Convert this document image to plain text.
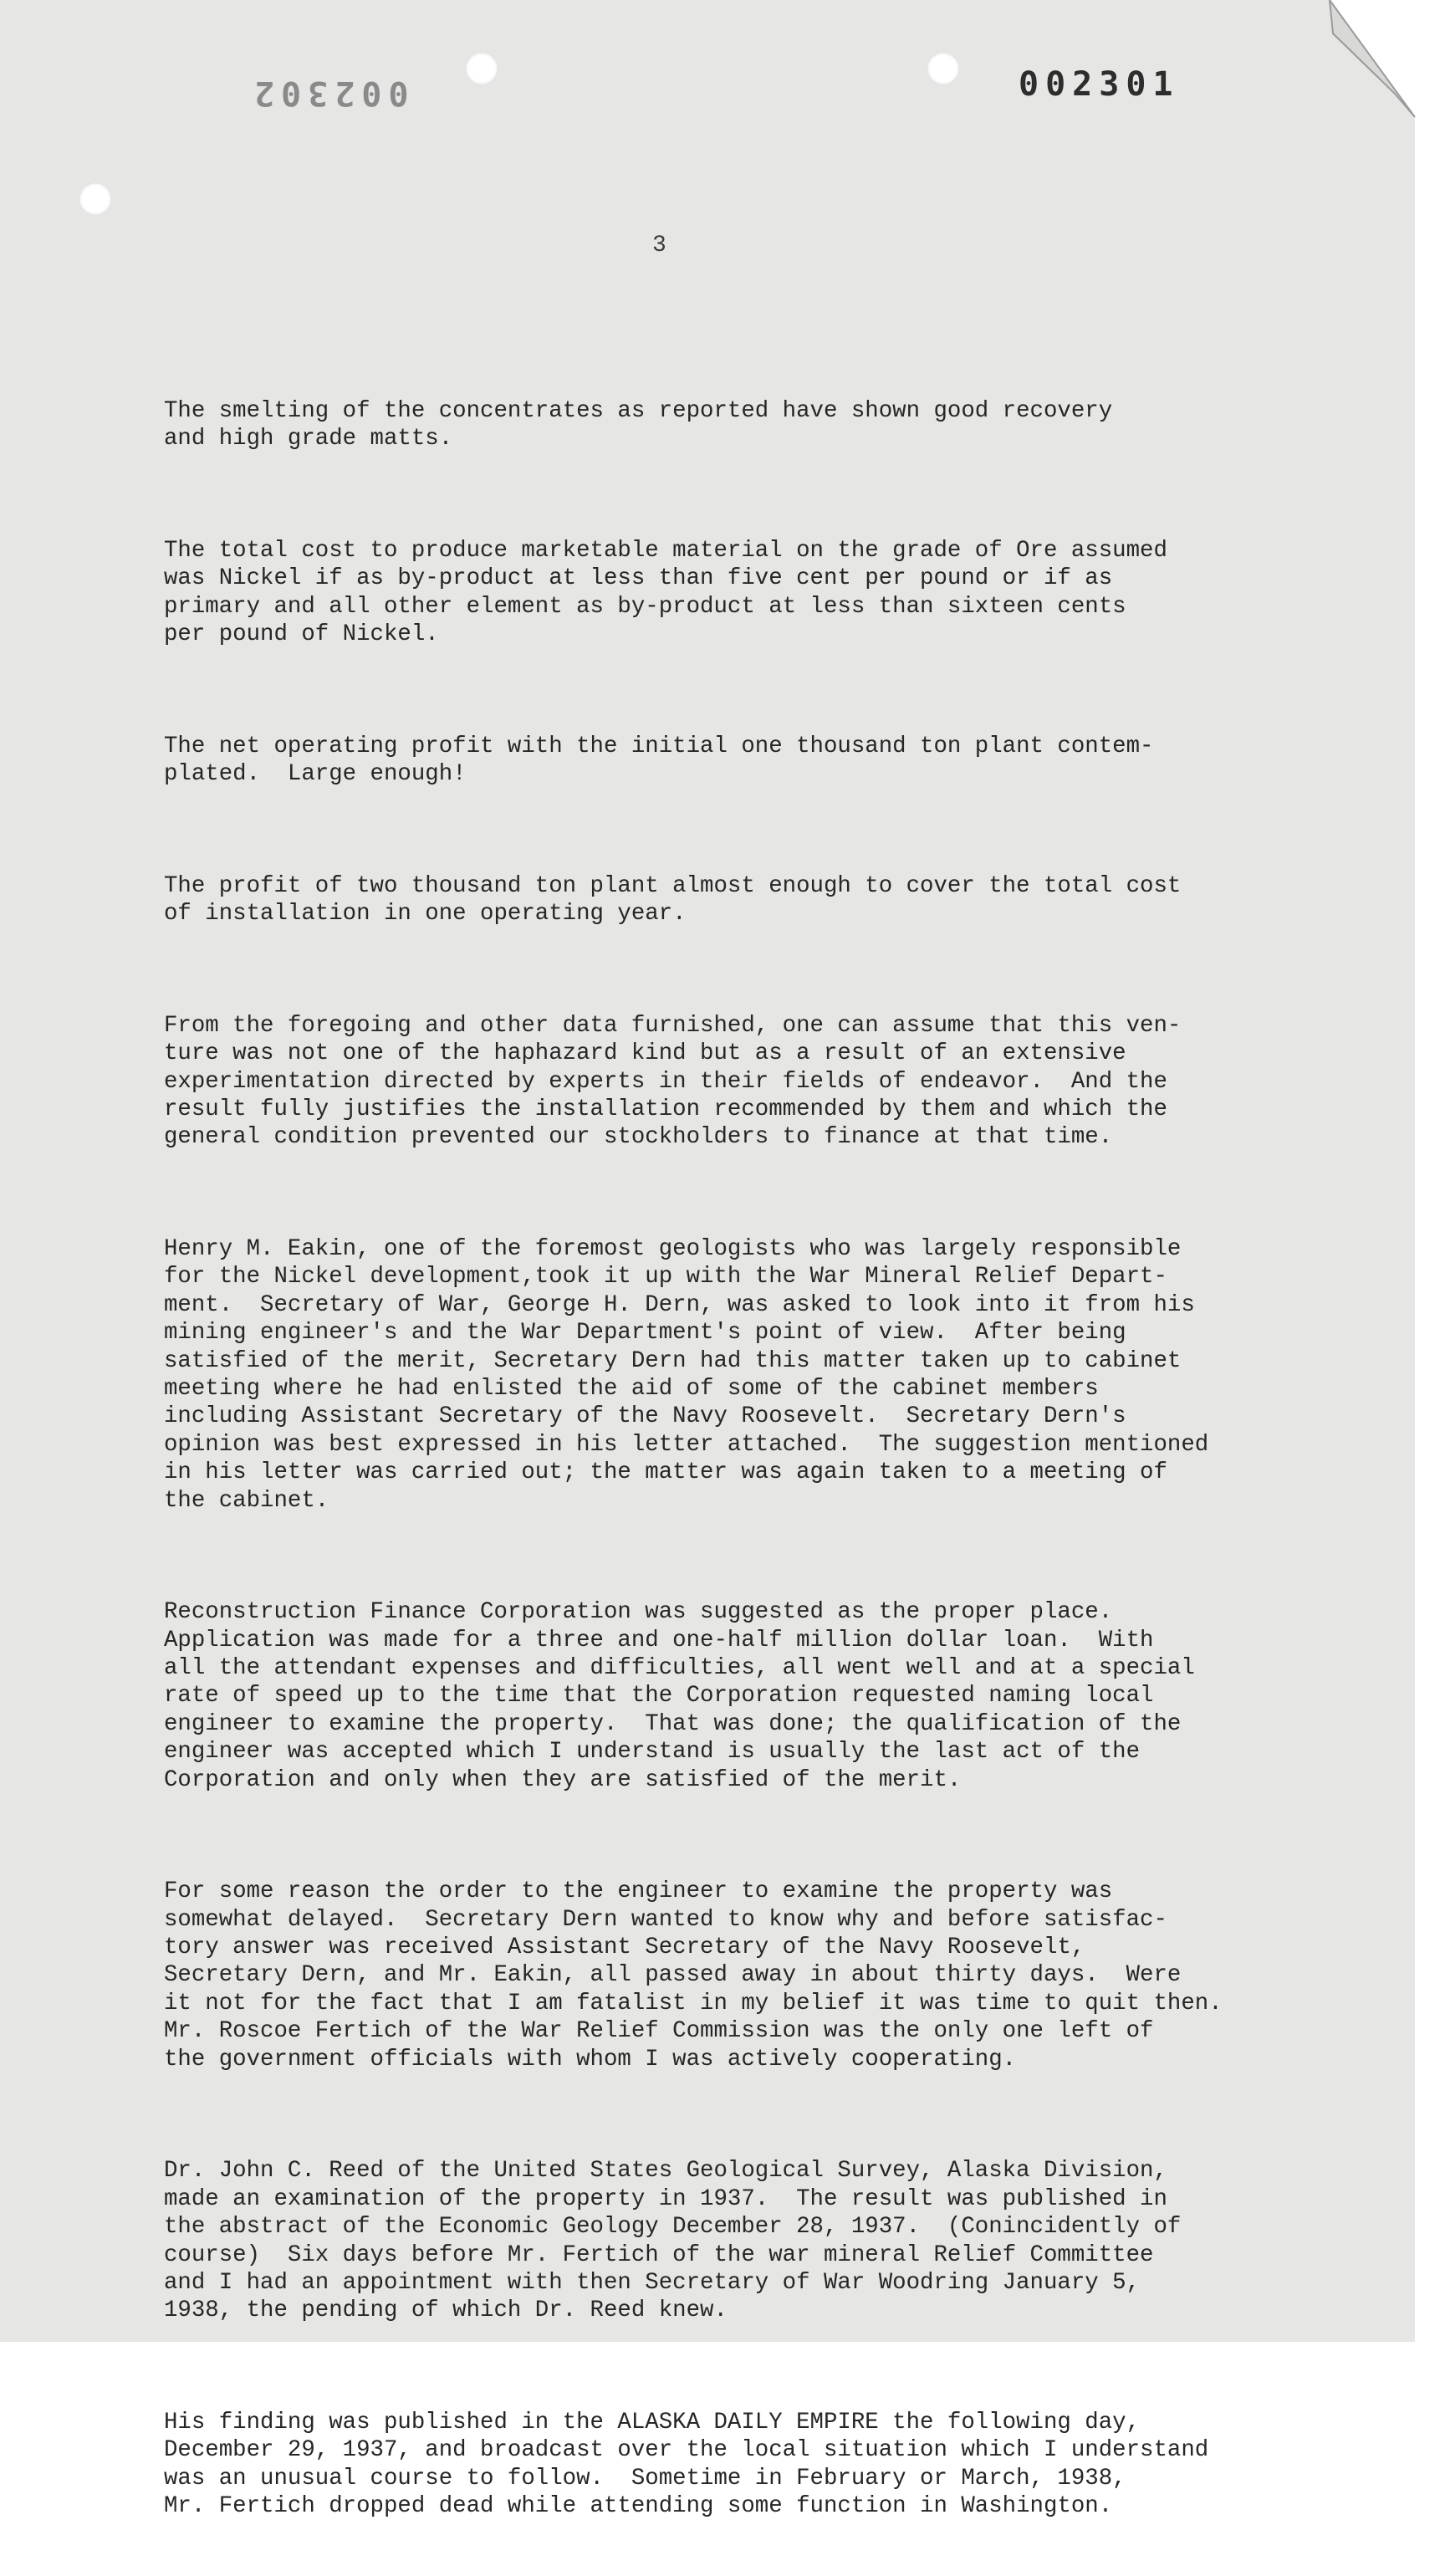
002302	002301
3

The smelting of the concentrates as reported have shown good recovery
and high grade matts.

The total cost to produce marketable material on the grade of Ore assumed
was Nickel if as by-product at less than five cent per pound or if as
primary and all other element as by-product at less than sixteen cents
per pound of Nickel.

The net operating profit with the initial one thousand ton plant contem-
plated.  Large enough!

The profit of two thousand ton plant almost enough to cover the total cost
of installation in one operating year.

From the foregoing and other data furnished, one can assume that this ven-
ture was not one of the haphazard kind but as a result of an extensive
experimentation directed by experts in their fields of endeavor.  And the
result fully justifies the installation recommended by them and which the
general condition prevented our stockholders to finance at that time.

Henry M. Eakin, one of the foremost geologists who was largely responsible
for the Nickel development,took it up with the War Mineral Relief Depart-
ment.  Secretary of War, George H. Dern, was asked to look into it from his
mining engineer's and the War Department's point of view.  After being
satisfied of the merit, Secretary Dern had this matter taken up to cabinet
meeting where he had enlisted the aid of some of the cabinet members
including Assistant Secretary of the Navy Roosevelt.  Secretary Dern's
opinion was best expressed in his letter attached.  The suggestion mentioned
in his letter was carried out; the matter was again taken to a meeting of
the cabinet.

Reconstruction Finance Corporation was suggested as the proper place.
Application was made for a three and one-half million dollar loan.  With
all the attendant expenses and difficulties, all went well and at a special
rate of speed up to the time that the Corporation requested naming local
engineer to examine the property.  That was done; the qualification of the
engineer was accepted which I understand is usually the last act of the
Corporation and only when they are satisfied of the merit.

For some reason the order to the engineer to examine the property was
somewhat delayed.  Secretary Dern wanted to know why and before satisfac-
tory answer was received Assistant Secretary of the Navy Roosevelt,
Secretary Dern, and Mr. Eakin, all passed away in about thirty days.  Were
it not for the fact that I am fatalist in my belief it was time to quit then.
Mr. Roscoe Fertich of the War Relief Commission was the only one left of
the government officials with whom I was actively cooperating.

Dr. John C. Reed of the United States Geological Survey, Alaska Division,
made an examination of the property in 1937.  The result was published in
the abstract of the Economic Geology December 28, 1937.  (Conincidently of
course)  Six days before Mr. Fertich of the war mineral Relief Committee
and I had an appointment with then Secretary of War Woodring January 5,
1938, the pending of which Dr. Reed knew.

His finding was published in the ALASKA DAILY EMPIRE the following day,
December 29, 1937, and broadcast over the local situation which I understand
was an unusual course to follow.  Sometime in February or March, 1938,
Mr. Fertich dropped dead while attending some function in Washington.
